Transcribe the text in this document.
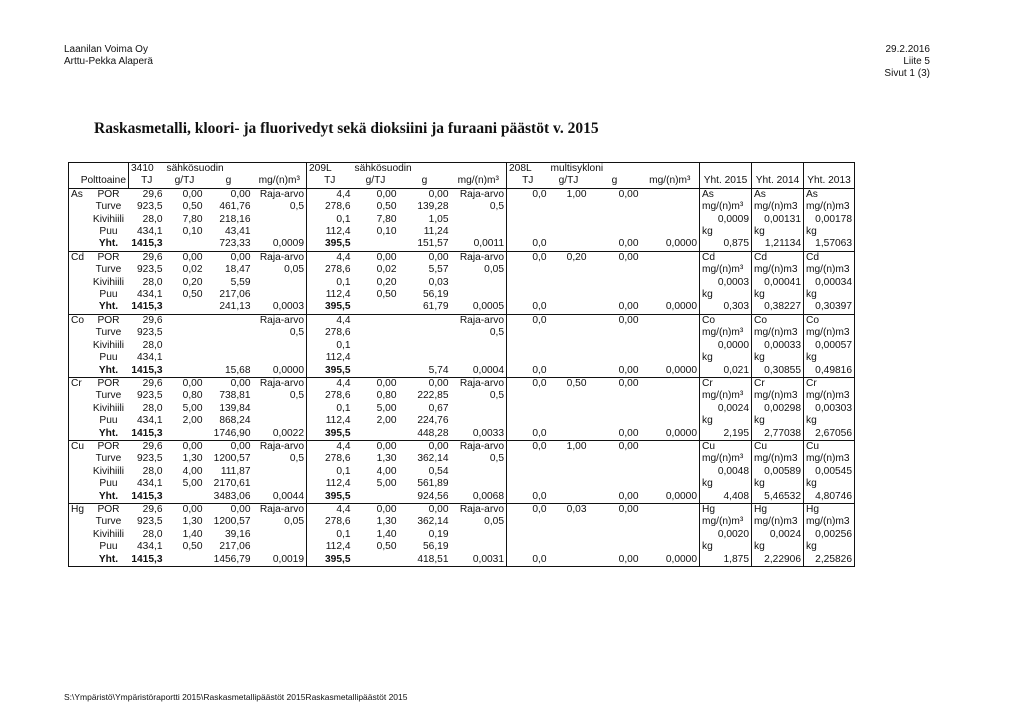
Laanilan Voima Oy
Arttu-Pekka Alaperä
29.2.2016
Liite 5
Sivut 1 (3)
Raskasmetalli, kloori- ja fluorivedyt sekä dioksiini ja furaani päästöt v. 2015
		3410	sähkösuodin			209L	sähkösuodin			208L	multisykloni					
Polttoaine		TJ	g/TJ	g	mg/(n)m³	TJ	g/TJ	g	mg/(n)m³	TJ	g/TJ	g	mg/(n)m³	Yht. 2015	Yht. 2014	Yht. 2013
As	POR	29,6	0,00	0,00	Raja-arvo	4,4	0,00	0,00	Raja-arvo	0,0	1,00	0,00		As	As	As
	Turve	923,5	0,50	461,76	0,5	278,6	0,50	139,28	0,5					mg/(n)m³	mg/(n)m3	mg/(n)m3
	Kivihiili	28,0	7,80	218,16		0,1	7,80	1,05						0,0009	0,00131	0,00178
	Puu	434,1	0,10	43,41		112,4	0,10	11,24						kg	kg	kg
	Yht.	1415,3		723,33	0,0009	395,5		151,57	0,0011	0,0		0,00	0,0000	0,875	1,21134	1,57063
Cd	POR	29,6	0,00	0,00	Raja-arvo	4,4	0,00	0,00	Raja-arvo	0,0	0,20	0,00		Cd	Cd	Cd
	Turve	923,5	0,02	18,47	0,05	278,6	0,02	5,57	0,05					mg/(n)m³	mg/(n)m3	mg/(n)m3
	Kivihiili	28,0	0,20	5,59		0,1	0,20	0,03						0,0003	0,00041	0,00034
	Puu	434,1	0,50	217,06		112,4	0,50	56,19						kg	kg	kg
	Yht.	1415,3		241,13	0,0003	395,5		61,79	0,0005	0,0		0,00	0,0000	0,303	0,38227	0,30397
Co	POR	29,6			Raja-arvo	4,4			Raja-arvo	0,0		0,00		Co	Co	Co
	Turve	923,5			0,5	278,6			0,5					mg/(n)m³	mg/(n)m3	mg/(n)m3
	Kivihiili	28,0				0,1								0,0000	0,00033	0,00057
	Puu	434,1				112,4								kg	kg	kg
	Yht.	1415,3		15,68	0,0000	395,5		5,74	0,0004	0,0		0,00	0,0000	0,021	0,30855	0,49816
Cr	POR	29,6	0,00	0,00	Raja-arvo	4,4	0,00	0,00	Raja-arvo	0,0	0,50	0,00		Cr	Cr	Cr
	Turve	923,5	0,80	738,81	0,5	278,6	0,80	222,85	0,5					mg/(n)m³	mg/(n)m3	mg/(n)m3
	Kivihiili	28,0	5,00	139,84		0,1	5,00	0,67						0,0024	0,00298	0,00303
	Puu	434,1	2,00	868,24		112,4	2,00	224,76						kg	kg	kg
	Yht.	1415,3		1746,90	0,0022	395,5		448,28	0,0033	0,0		0,00	0,0000	2,195	2,77038	2,67056
Cu	POR	29,6	0,00	0,00	Raja-arvo	4,4	0,00	0,00	Raja-arvo	0,0	1,00	0,00		Cu	Cu	Cu
	Turve	923,5	1,30	1200,57	0,5	278,6	1,30	362,14	0,5					mg/(n)m³	mg/(n)m3	mg/(n)m3
	Kivihiili	28,0	4,00	111,87		0,1	4,00	0,54						0,0048	0,00589	0,00545
	Puu	434,1	5,00	2170,61		112,4	5,00	561,89						kg	kg	kg
	Yht.	1415,3		3483,06	0,0044	395,5		924,56	0,0068	0,0		0,00	0,0000	4,408	5,46532	4,80746
Hg	POR	29,6	0,00	0,00	Raja-arvo	4,4	0,00	0,00	Raja-arvo	0,0	0,03	0,00		Hg	Hg	Hg
	Turve	923,5	1,30	1200,57	0,05	278,6	1,30	362,14	0,05					mg/(n)m³	mg/(n)m3	mg/(n)m3
	Kivihiili	28,0	1,40	39,16		0,1	1,40	0,19						0,0020	0,0024	0,00256
	Puu	434,1	0,50	217,06		112,4	0,50	56,19						kg	kg	kg
	Yht.	1415,3		1456,79	0,0019	395,5		418,51	0,0031	0,0		0,00	0,0000	1,875	2,22906	2,25826
S:\Ympäristö\Ympäristöraportti 2015\Raskasmetallipäästöt 2015Raskasmetallipäästöt 2015
